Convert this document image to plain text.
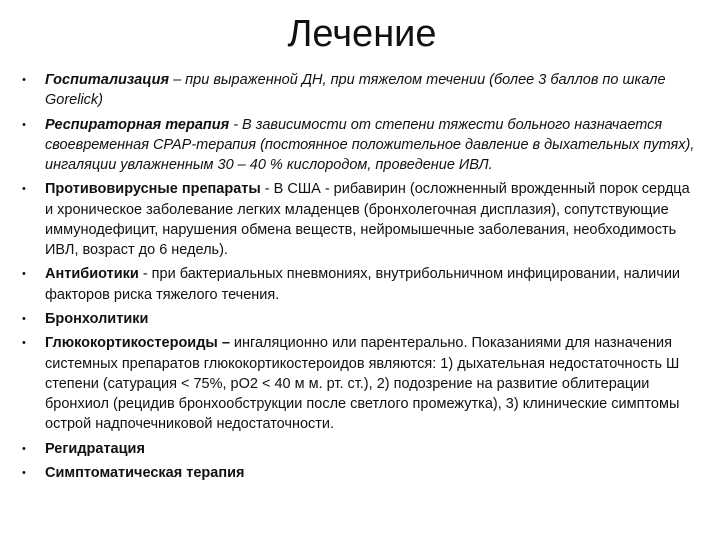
Лечение
• Госпитализация – при выраженной ДН, при тяжелом течении (более 3 баллов по шкале Gorelick)
• Респираторная терапия - В зависимости от степени тяжести больного назначается своевременная СРАР-терапия (постоянное положительное давление в дыхательных путях), ингаляции увлажненным 30 – 40 % кислородом, проведение ИВЛ.
• Противовирусные препараты - В США - рибавирин (осложненный врожденный порок сердца и хроническое заболевание легких младенцев (бронхолегочная дисплазия), сопутствующие иммунодефицит, нарушения обмена веществ, нейромышечные заболевания, необходимость ИВЛ, возраст до 6 недель).
• Антибиотики - при бактериальных пневмониях, внутрибольничном инфицировании, наличии факторов риска тяжелого течения.
• Бронхолитики
• Глюкокортикостероиды – ингаляционно или парентерально. Показаниями для назначения системных препаратов глюкокортикостероидов являются: 1) дыхательная недостаточность Ш степени (сатурация < 75%, рО2 < 40 м м. рт. ст.), 2) подозрение на развитие облитерации бронхиол (рецидив бронхообструкции после светлого промежутка), 3) клинические симптомы острой надпочечниковой недостаточности.
• Регидратация
• Симптоматическая терапия
